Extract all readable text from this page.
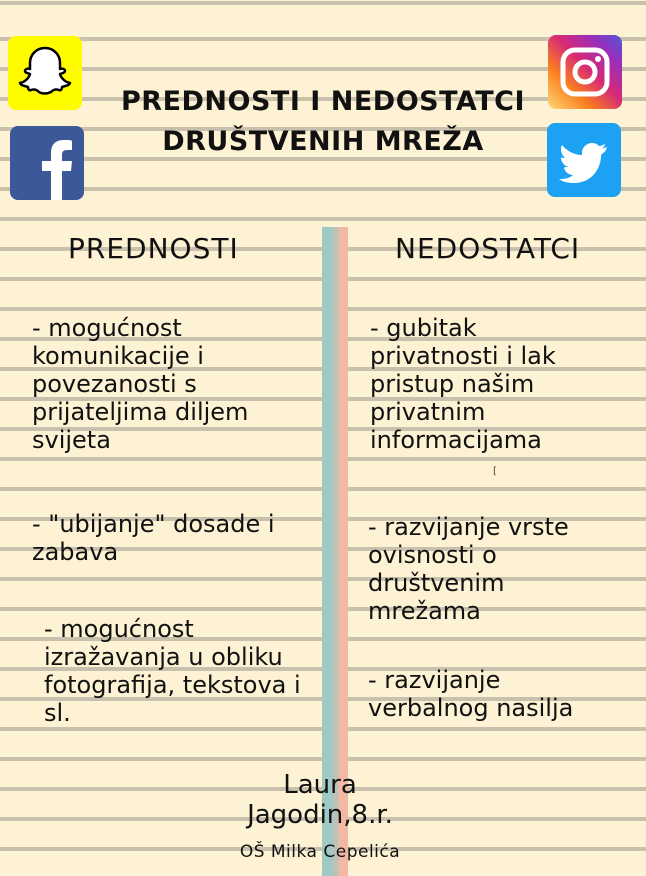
PREDNOSTI I NEDOSTATCI
DRUŠTVENIH MREŽA
PREDNOSTI	NEDOSTATCI
- mogućnost komunikacije i povezanosti s prijateljima diljem svijeta
- "ubijanje" dosade i zabava
- mogućnost izražavanja u obliku fotografija, tekstova i sl.
- gubitak privatnosti i lak pristup našim privatnim informacijama
- razvijanje vrste ovisnosti o društvenim mrežama
- razvijanje verbalnog nasilja
[
Laura
Jagodin,8.r.
OŠ Milka Cepelića
